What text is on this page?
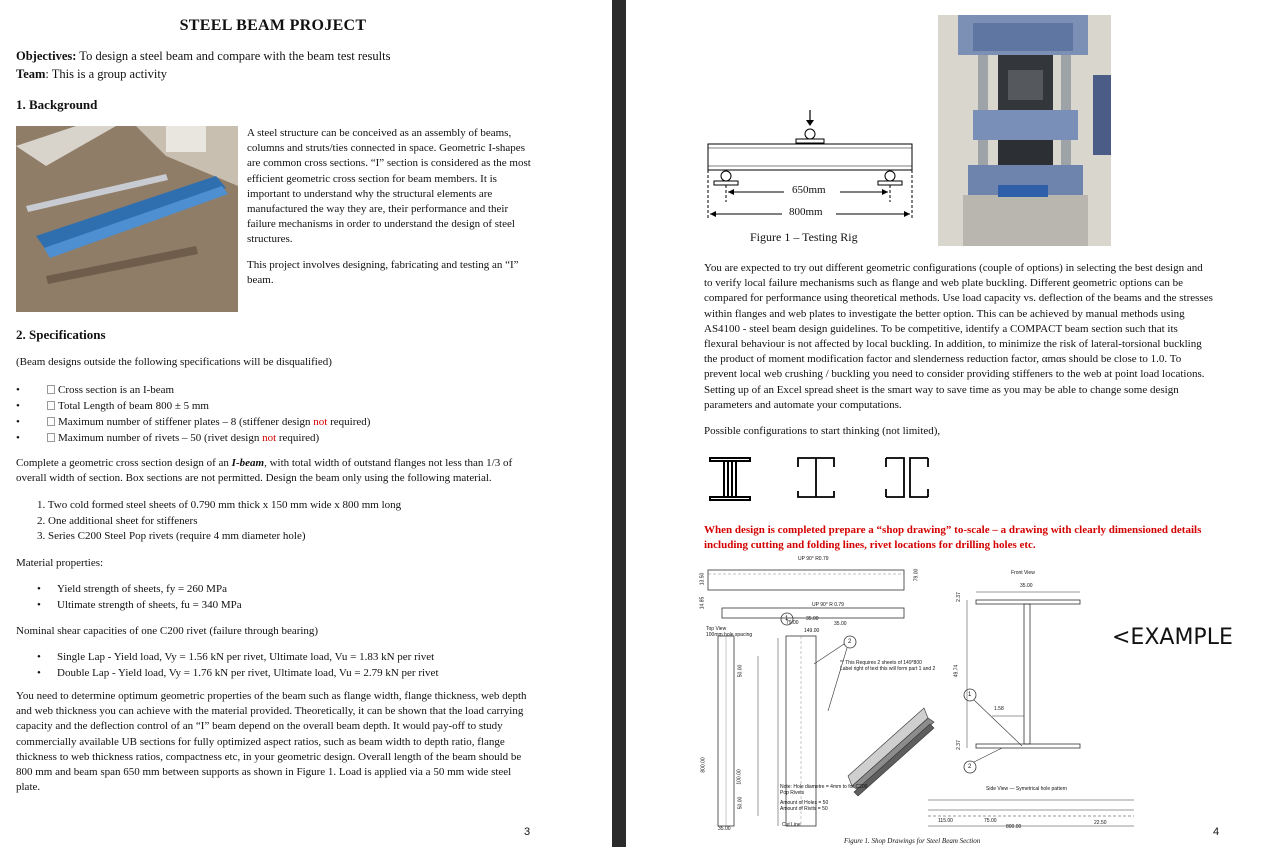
STEEL BEAM PROJECT
Objectives: To design a steel beam and compare with the beam test results
Team: This is a group activity
1. Background
A steel structure can be conceived as an assembly of beams, columns and struts/ties connected in space. Geometric I-shapes are common cross sections. “I” section is considered as the most efficient geometric cross section for beam members. It is important to understand why the structural elements are manufactured the way they are, their performance and their failure mechanisms in order to understand the design of steel structures.
This project involves designing, fabricating and testing an “I” beam.
2. Specifications
(Beam designs outside the following specifications will be disqualified)
• Cross section is an I-beam
• Total Length of beam 800 ± 5 mm
• Maximum number of stiffener plates – 8 (stiffener design not required)
• Maximum number of rivets – 50 (rivet design not required)
Complete a geometric cross section design of an I-beam, with total width of outstand flanges not less than 1/3 of overall width of section. Box sections are not permitted. Design the beam only using the following material.
1. Two cold formed steel sheets of 0.790 mm thick x 150 mm wide x 800 mm long
2. One additional sheet for stiffeners
3. Series C200 Steel Pop rivets (require 4 mm diameter hole)
Material properties:
• Yield strength of sheets, fy = 260 MPa
• Ultimate strength of sheets, fu = 340 MPa
Nominal shear capacities of one C200 rivet (failure through bearing)
• Single Lap - Yield load, Vy = 1.56 kN per rivet, Ultimate load, Vu = 1.83 kN per rivet
• Double Lap - Yield load, Vy = 1.76 kN per rivet, Ultimate load, Vu = 2.79 kN per rivet
You need to determine optimum geometric properties of the beam such as flange width, flange thickness, web depth and web thickness you can achieve with the material provided. Theoretically, it can be shown that the load carrying capacity and the deflection control of an “I” beam depend on the overall beam depth. It would pay-off to study commercially available UB sections for fully optimized aspect ratios, such as beam width to depth ratio, flange thickness to web thickness ratios, compactness etc, in your geometric design. Overall length of the beam should be 800 mm and beam span 650 mm between supports as shown in Figure 1. Load is applied via a 50 mm wide steel plate.
3
650mm
800mm
Figure 1 – Testing Rig
You are expected to try out different geometric configurations (couple of options) in selecting the best design and to verify local failure mechanisms such as flange and web plate buckling. Different geometric options can be compared for performance using theoretical methods. Use load capacity vs. deflection of the beams and the stresses within flanges and web plates to investigate the better option. This can be achieved by manual methods using AS4100 - steel beam design guidelines. To be competitive, identify a COMPACT beam section such that its flexural behaviour is not affected by local buckling. In addition, to minimize the risk of lateral-torsional buckling the product of moment modification factor and slenderness reduction factor, αmαs should be close to 1.0. To prevent local web crushing / buckling you need to consider providing stiffeners to the web at point load locations. Setting up of an Excel spread sheet is the smart way to save time as you may be able to change some design parameters and automate your computations.
Possible configurations to start thinking (not limited),
When design is completed prepare a “shop drawing” to-scale – a drawing with clearly dimensioned details including cutting and folding lines, rivet locations for drilling holes etc.
UP 90° R0.79
79.00
13.50
14.85	UP 90° R 0.79
79.00
35.00
35.00
149.00
Top View
100mm hole spacing
** This Requires 2 sheets of 149*800
Label right of text this will form part 1 and 2
Front View
35.00
2.37
49.74
1.58
2.37
50.00
100.00
50.00
800.00
35.00
Note: Hole diametre = 4mm to for C200
Pop Rivets
Amount of Holes = 50
Amount of Rivits = 50
Cut Line
Side View — Symetrical hole pattern
115.00	75.00
800.00
22.50
1
2
1
2
<EXAMPLE
Figure 1. Shop Drawings for Steel Beam Section
4
